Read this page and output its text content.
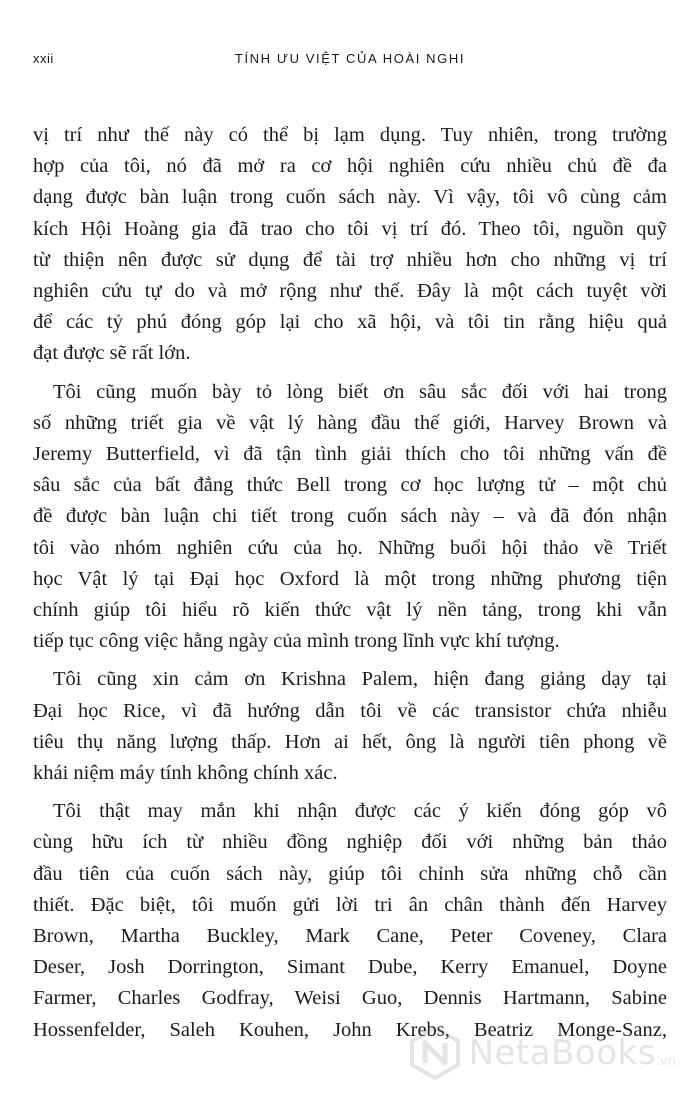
xxii	TÍNH ƯU VIỆT CỦA HOÀI NGHI

vị trí như thế này có thể bị lạm dụng. Tuy nhiên, trong trường
hợp của tôi, nó đã mở ra cơ hội nghiên cứu nhiều chủ đề đa
dạng được bàn luận trong cuốn sách này. Vì vậy, tôi vô cùng cảm
kích Hội Hoàng gia đã trao cho tôi vị trí đó. Theo tôi, nguồn quỹ
từ thiện nên được sử dụng để tài trợ nhiều hơn cho những vị trí
nghiên cứu tự do và mở rộng như thế. Đây là một cách tuyệt vời
để các tỷ phú đóng góp lại cho xã hội, và tôi tin rằng hiệu quả
đạt được sẽ rất lớn.

Tôi cũng muốn bày tỏ lòng biết ơn sâu sắc đối với hai trong
số những triết gia về vật lý hàng đầu thế giới, Harvey Brown và
Jeremy Butterfield, vì đã tận tình giải thích cho tôi những vấn đề
sâu sắc của bất đẳng thức Bell trong cơ học lượng tử – một chủ
đề được bàn luận chi tiết trong cuốn sách này – và đã đón nhận
tôi vào nhóm nghiên cứu của họ. Những buổi hội thảo về Triết
học Vật lý tại Đại học Oxford là một trong những phương tiện
chính giúp tôi hiểu rõ kiến thức vật lý nền tảng, trong khi vẫn
tiếp tục công việc hằng ngày của mình trong lĩnh vực khí tượng.

Tôi cũng xin cảm ơn Krishna Palem, hiện đang giảng dạy tại
Đại học Rice, vì đã hướng dẫn tôi về các transistor chứa nhiễu
tiêu thụ năng lượng thấp. Hơn ai hết, ông là người tiên phong về
khái niệm máy tính không chính xác.

Tôi thật may mắn khi nhận được các ý kiến đóng góp vô
cùng hữu ích từ nhiều đồng nghiệp đối với những bản thảo
đầu tiên của cuốn sách này, giúp tôi chỉnh sửa những chỗ cần
thiết. Đặc biệt, tôi muốn gửi lời tri ân chân thành đến Harvey
Brown, Martha Buckley, Mark Cane, Peter Coveney, Clara
Deser, Josh Dorrington, Simant Dube, Kerry Emanuel, Doyne
Farmer, Charles Godfray, Weisi Guo, Dennis Hartmann, Sabine
Hossenfelder, Saleh Kouhen, John Krebs, Beatriz Monge-Sanz,

NetaBooks .vn
